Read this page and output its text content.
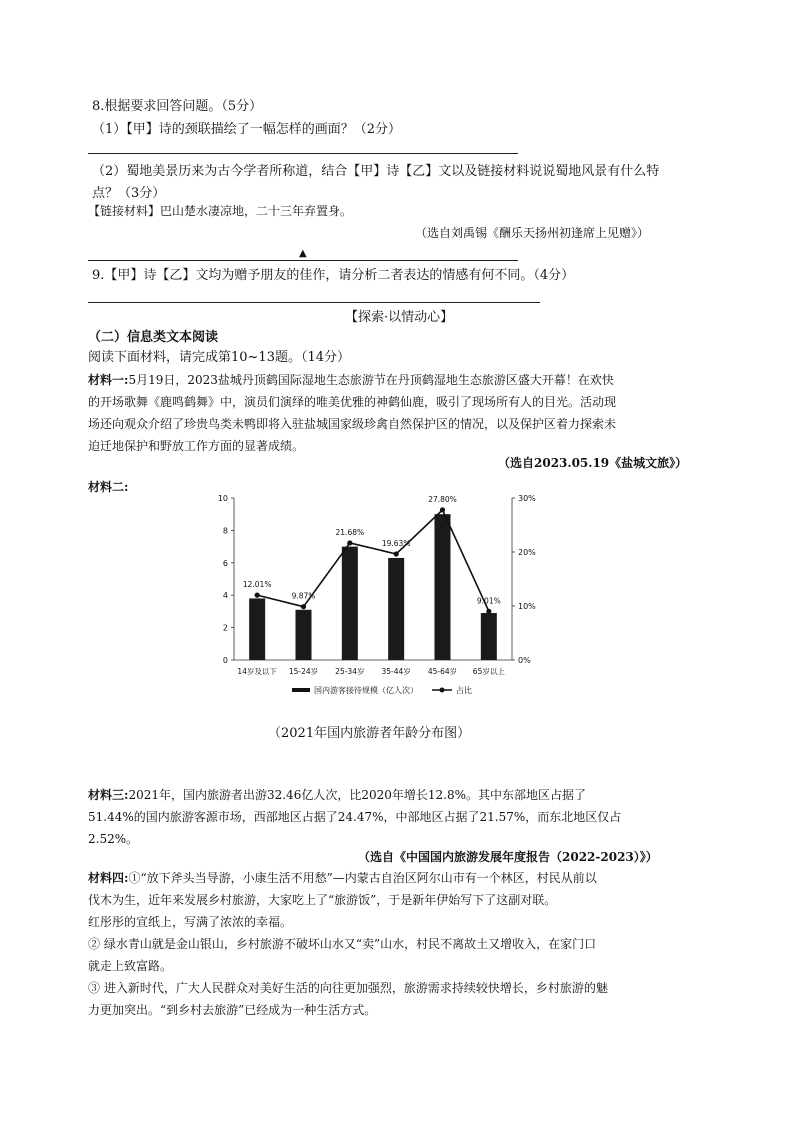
8.根据要求回答问题。（5分）

（1）【甲】诗的颈联描绘了一幅怎样的画面？（2分）

（2）蜀地美景历来为古今学者所称道，结合【甲】诗【乙】文以及链接材料说说蜀地风景有什么特

点？（3分）

【链接材料】巴山楚水凄凉地，二十三年弃置身。

（选自刘禹锡《酬乐天扬州初逢席上见赠》）

▲

9.【甲】诗【乙】文均为赠予朋友的佳作，请分析二者表达的情感有何不同。（4分）

【探索·以情动心】

（二）信息类文本阅读

阅读下面材料，请完成第10~13题。（14分）

材料一:5月19日，2023盐城丹顶鹤国际湿地生态旅游节在丹顶鹤湿地生态旅游区盛大开幕！在欢快
的开场歌舞《鹿鸣鹤舞》中，演员们演绎的唯美优雅的神鹤仙鹿，吸引了现场所有人的目光。活动现
场还向观众介绍了珍贵鸟类未鸭即将入驻盐城国家级珍禽自然保护区的情况，以及保护区着力探索未
迫迁地保护和野放工作方面的显著成绩。

（选自2023.05.19《盐城文旅》）

材料二:

0
2
4
6
8
10
0%
10%
20%
30%
12.01%
9.87%
21.68%
19.63%
27.80%
9.01%
14岁及以下 15-24岁 25-34岁 35-44岁 45-64岁 65岁以上
国内游客接待规模（亿人次）	占比

（2021年国内旅游者年龄分布图）

材料三:2021年，国内旅游者出游32.46亿人次，比2020年增长12.8%。其中东部地区占据了
51.44%的国内旅游客源市场，西部地区占据了24.47%，中部地区占据了21.57%，而东北地区仅占
2.52%。

（选自《中国国内旅游发展年度报告（2022-2023）》）

材料四:①“放下斧头当导游，小康生活不用愁”—内蒙古自治区阿尔山市有一个林区，村民从前以
伐木为生，近年来发展乡村旅游，大家吃上了“旅游饭”，于是新年伊始写下了这副对联。
红彤彤的宣纸上，写满了浓浓的幸福。
② 绿水青山就是金山银山，乡村旅游不破坏山水又“卖”山水，村民不离故土又增收入，在家门口
就走上致富路。
③ 进入新时代，广大人民群众对美好生活的向往更加强烈，旅游需求持续较快增长，乡村旅游的魅
力更加突出。“到乡村去旅游”已经成为一种生活方式。
